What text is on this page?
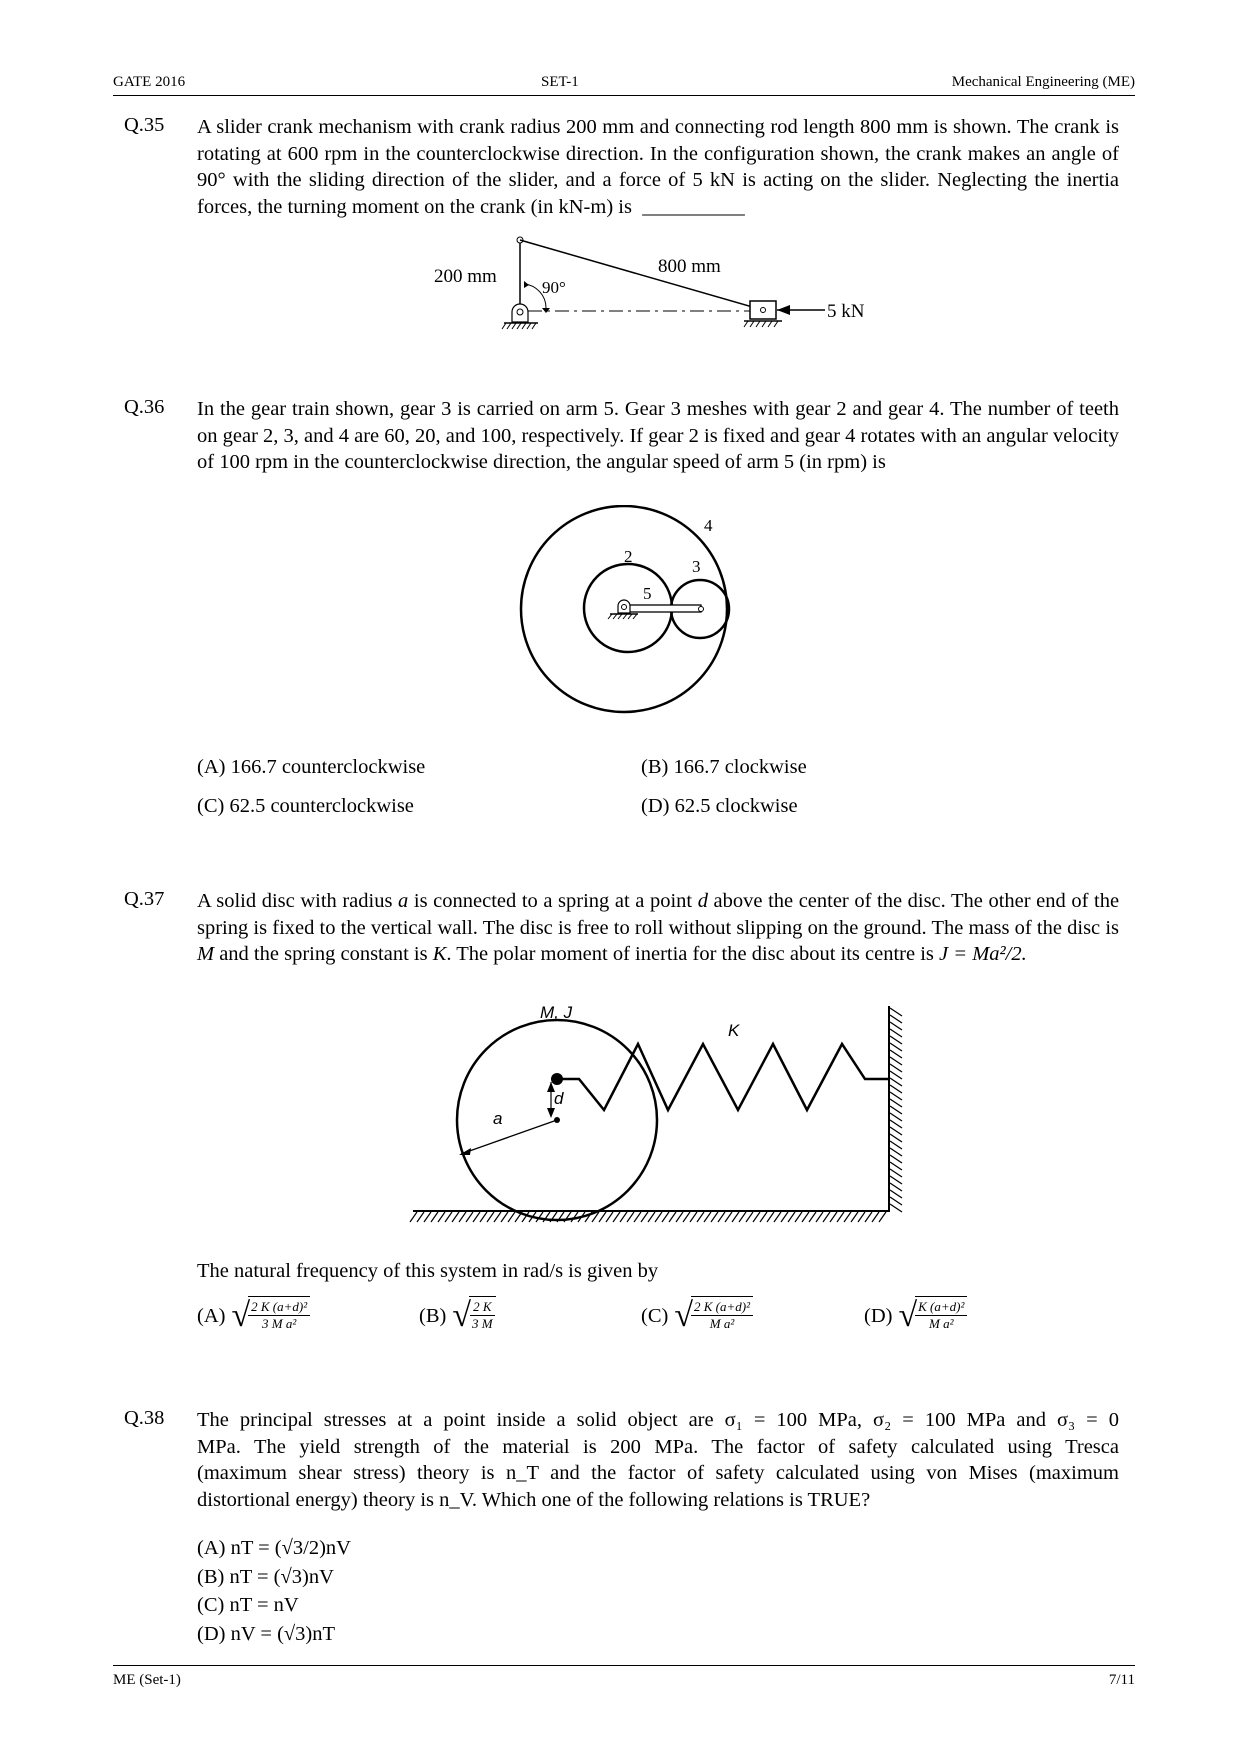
GATE 2016	SET-1	Mechanical Engineering (ME)
Q.35 A slider crank mechanism with crank radius 200 mm and connecting rod length 800 mm is shown. The crank is rotating at 600 rpm in the counterclockwise direction. In the configuration shown, the crank makes an angle of 90° with the sliding direction of the slider, and a force of 5 kN is acting on the slider. Neglecting the inertia forces, the turning moment on the crank (in kN-m) is __________
200 mm	800 mm
90°
5 kN
Q.36 In the gear train shown, gear 3 is carried on arm 5. Gear 3 meshes with gear 2 and gear 4. The number of teeth on gear 2, 3, and 4 are 60, 20, and 100, respectively. If gear 2 is fixed and gear 4 rotates with an angular velocity of 100 rpm in the counterclockwise direction, the angular speed of arm 5 (in rpm) is
4
2
3
5
(A) 166.7 counterclockwise	(B) 166.7 clockwise
(C) 62.5 counterclockwise	(D) 62.5 clockwise
Q.37 A solid disc with radius a is connected to a spring at a point d above the center of the disc. The other end of the spring is fixed to the vertical wall. The disc is free to roll without slipping on the ground. The mass of the disc is M and the spring constant is K. The polar moment of inertia for the disc about its centre is J = Ma²/2.
M, J
K
a
d
The natural frequency of this system in rad/s is given by
(A) √
$\frac{\text{2 K (a+d)²}}{\text{3 M a²}}$	(B) √
$\frac{2 K}{3 M}$	(C) √
$\frac{\text{2 K (a+d)²}}{\text{M a²}}$	(D) √
$\frac{\text{K (a+d)²}}{\text{M a²}}$
Q.38 The principal stresses at a point inside a solid object are σ₁ = 100 MPa, σ₂ = 100 MPa and σ₃ = 0
MPa. The yield strength of the material is 200 MPa. The factor of safety calculated using Tresca
(maximum shear stress) theory is n_T and the factor of safety calculated using von Mises (maximum
distortional energy) theory is n_V. Which one of the following relations is TRUE?
(A) nT = (√3/2)nV
(B) nT = (√3)nV
(C) nT = nV
(D) nV = (√3)nT
ME (Set-1)	7/11
